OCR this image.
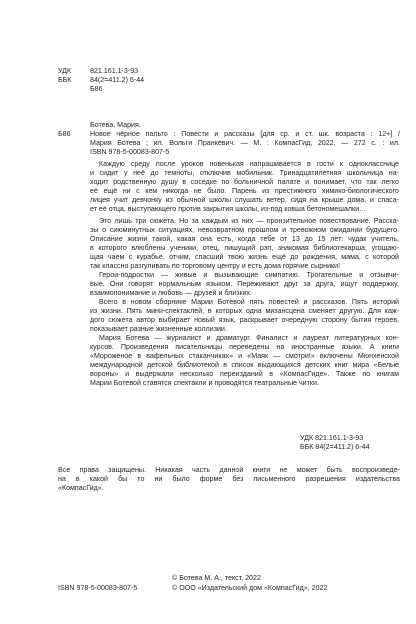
УДК
ББК
821.161.1-3-93
84(2=411.2) 6-44
Б86
Б86
Ботева, Мария.
Новое чёрное пальто : Повести и рассказы [для ср. и ст. шк. возраста : 12+] /
Мария Ботева ; ил. Вольги Пранкевич. — М. : КомпасГид, 2022. — 272 с. : ил.
ISBN 978-5-00083-807-5
Каждую среду после уроков новенькая напрашивается в гости к однокласснице
и сидит у неё до темноты, отключив мобильник. Тринадцатилетняя школьница на-
ходит родственную душу в соседке по больничной палате и понимает, что так легко
её ещё ни с кем никогда не было. Парень из престижного химико-биологического
лицея учит девчонку из обычной школы слушать ветер, сидя на крыше дома, и спаса-
ет её отца, выступающего против закрытия школы, из-под ковша бетономешалки…
Это лишь три сюжета. Но за каждым из них — пронзительное повествование. Расска-
зы о сиюминутных ситуациях, невозвратном прошлом и тревожном ожидании будущего.
Описание жизни такой, какая она есть, когда тебе от 13 до 15 лет: чудак учитель,
в которого влюблены ученики, отец, пишущий рэп, знакомая библиотекарша, угощаю-
щая чаем с курабье, отчим, спасший твою жизнь ещё до рождения, мама, с которой
так классно разгуливать по торговому центру и есть дома горячие сырники!
Герои-подростки — живые и вызывающие симпатию. Трогательные и отзывчи-
вые. Они говорят нормальным языком. Переживают друг за друга, ищут поддержку,
взаимопонимание и любовь — друзей и близких.
Всего в новом сборнике Марии Ботевой пять повестей и рассказов. Пять историй
из жизни. Пять мини-спектаклей, в которых одна мизансцена сменяет другую. Для каж-
дого сюжета автор выбирает новый язык, раскрывает очередную сторону бытия героев,
показывает разные жизненные коллизии.
Мария Ботева — журналист и драматург. Финалист и лауреат литературных кон-
курсов. Произведения писательницы переведены на иностранные языки. А книги
«Мороженое в вафельных стаканчиках» и «Маяк — смотри!» включены Мюнхенской
международной детской библиотекой в список выдающихся детских книг мира «Белые
вороны» и выдержали несколько переизданий в «КомпасГиде». Также по книгам
Марии Ботевой ставятся спектакли и проводятся театральные читки.
УДК 821.161.1-3-93
ББК 84(2=411.2) 6-44
Все права защищены. Никакая часть данной книги не может быть воспроизведе-
на в какой бы то ни было форме без письменного разрешения издательства
«КомпасГид».
© Ботева М. А., текст, 2022
© ООО «Издательский дом «КомпасГид», 2022
ISBN 978-5-00083-807-5
